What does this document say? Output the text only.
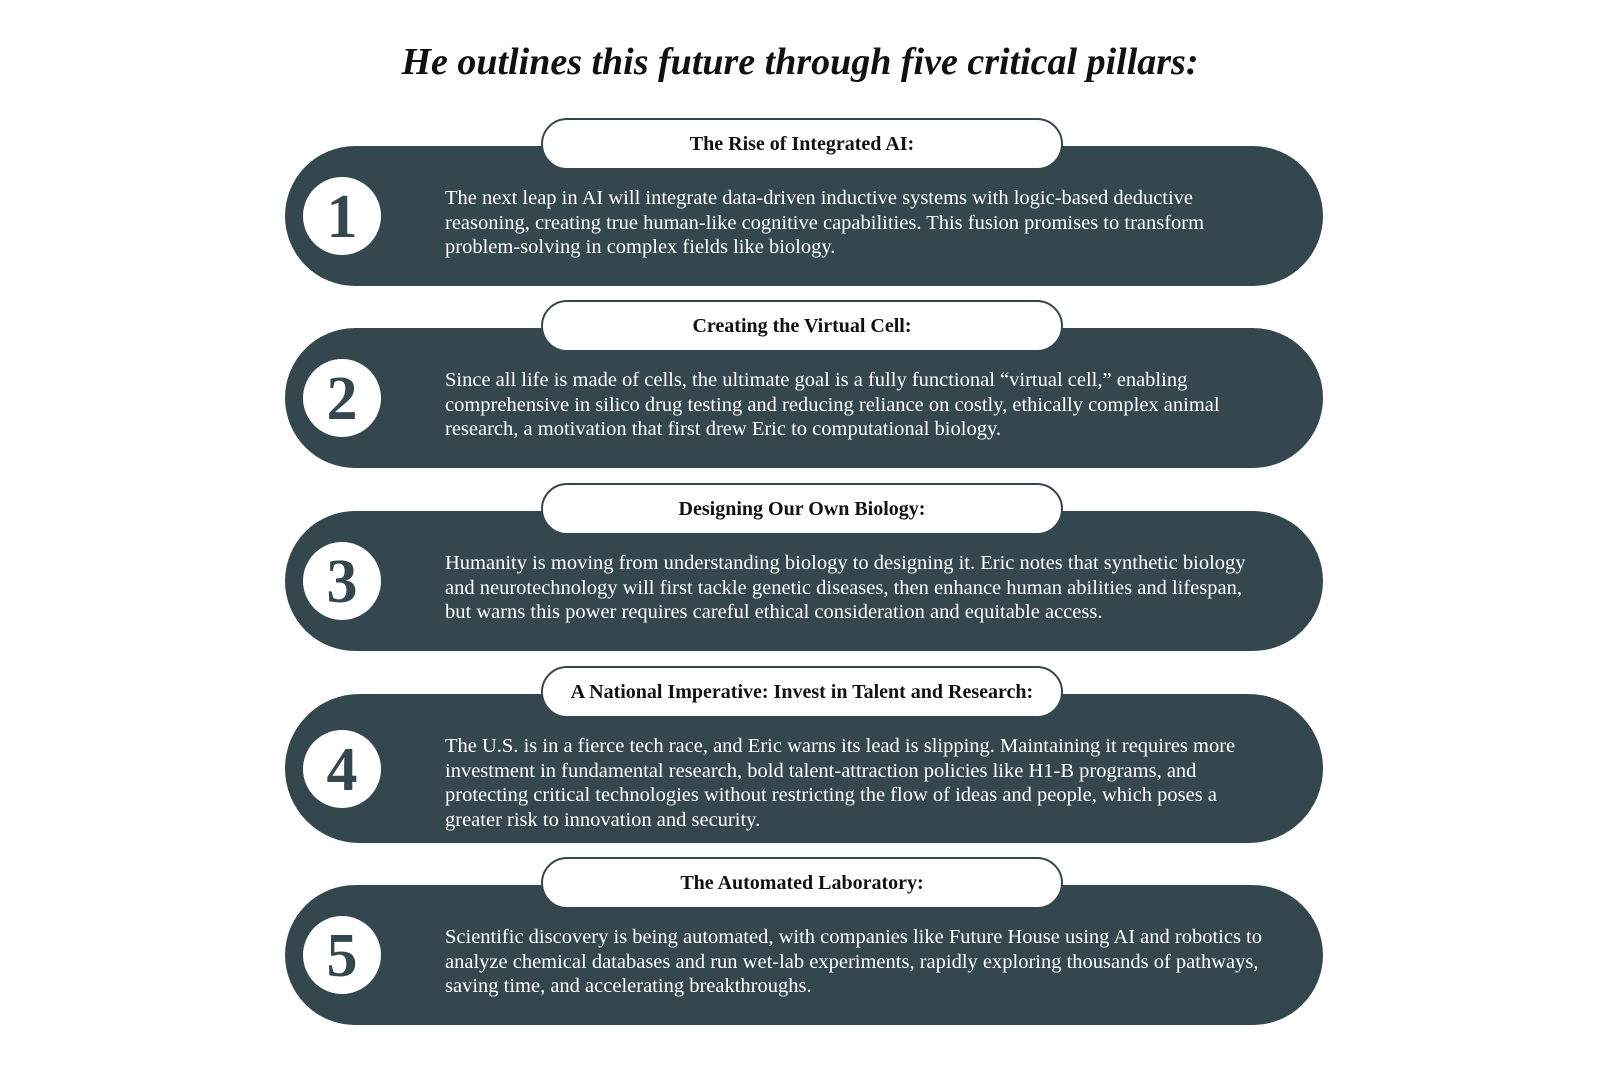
He outlines this future through five critical pillars:
1	The next leap in AI will integrate data-driven inductive systems with logic-based deductive reasoning, creating true human-like cognitive capabilities. This fusion promises to transform problem-solving in complex fields like biology.

The Rise of Integrated AI:
2	Since all life is made of cells, the ultimate goal is a fully functional “virtual cell,” enabling comprehensive in silico drug testing and reducing reliance on costly, ethically complex animal research, a motivation that first drew Eric to computational biology.

Creating the Virtual Cell:
3	Humanity is moving from understanding biology to designing it. Eric notes that synthetic biology and neurotechnology will first tackle genetic diseases, then enhance human abilities and lifespan, but warns this power requires careful ethical consideration and equitable access.

Designing Our Own Biology:
4	The U.S. is in a fierce tech race, and Eric warns its lead is slipping. Maintaining it requires more investment in fundamental research, bold talent-attraction policies like H1-B programs, and protecting critical technologies without restricting the flow of ideas and people, which poses a greater risk to innovation and security.

A National Imperative: Invest in Talent and Research:
5	Scientific discovery is being automated, with companies like Future House using AI and robotics to analyze chemical databases and run wet-lab experiments, rapidly exploring thousands of pathways, saving time, and accelerating breakthroughs.

The Automated Laboratory:
